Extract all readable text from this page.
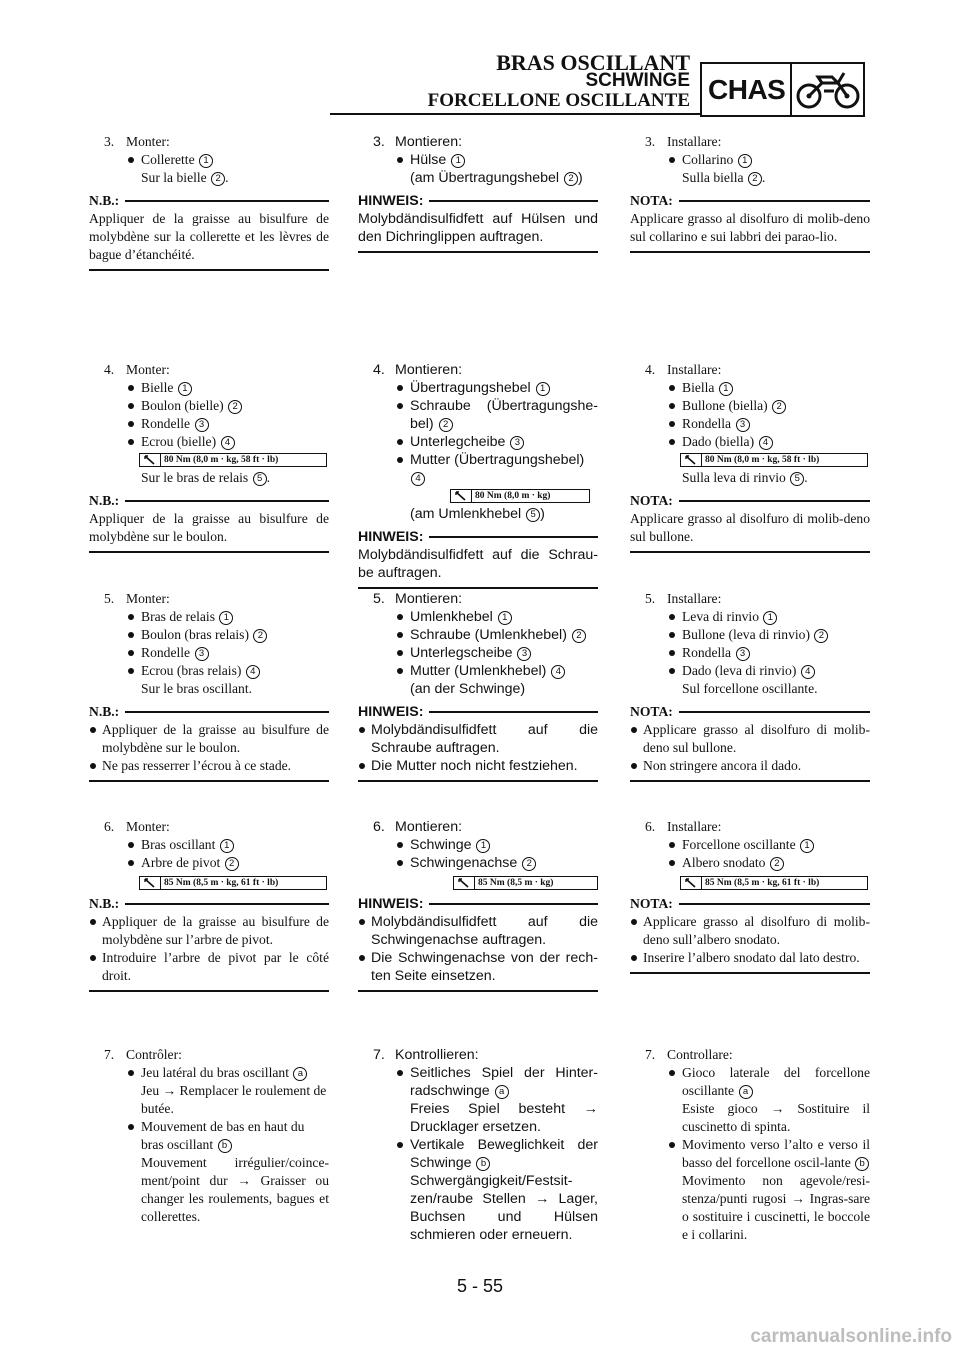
BRAS OSCILLANT
SCHWINGE
FORCELLONE OSCILLANTE CHAS
3. Monter:
Collerette 1
Sur la bielle 2 .
N.B.:
Appliquer de la graisse au bisulfure de molybdène sur la collerette et les lèvres de bague d’étanchéité.
4. Monter:
Bielle 1
Boulon (bielle) 2
Rondelle 3
Ecrou (bielle) 4
80 Nm (8,0 m · kg, 58 ft · lb)
Sur le bras de relais 5 .
N.B.:
Appliquer de la graisse au bisulfure de molybdène sur le boulon.
5. Monter:
Bras de relais 1
Boulon (bras relais) 2
Rondelle 3
Ecrou (bras relais) 4
Sur le bras oscillant.
N.B.:
Appliquer de la graisse au bisulfure de molybdène sur le boulon.
Ne pas resserrer l’écrou à ce stade.
6. Monter:
Bras oscillant 1
Arbre de pivot 2
85 Nm (8,5 m · kg, 61 ft · lb)
N.B.:
Appliquer de la graisse au bisulfure de molybdène sur l’arbre de pivot.
Introduire l’arbre de pivot par le côté droit.
7. Contrôler:
Jeu latéral du bras oscillant a
Jeu → Remplacer le roulement de butée.
Mouvement de bas en haut du bras oscillant b
Mouvement irrégulier/coince-ment/point dur → Graisser ou changer les roulements, bagues et collerettes.
3. Montieren:
Hülse 1
(am Übertragungshebel 2 )
HINWEIS:
Molybdändisulfidfett auf Hülsen und den Dichringlippen auftragen.
4. Montieren:
Übertragungshebel 1
Schraube (Übertragungshe-bel) 2
Unterlegcheibe 3
Mutter (Übertragungshebel)
4
80 Nm (8,0 m · kg)
(am Umlenkhebel 5 )
HINWEIS:
Molybdändisulfidfett auf die Schrau-be auftragen.
5. Montieren:
Umlenkhebel 1
Schraube (Umlenkhebel) 2
Unterlegscheibe 3
Mutter (Umlenkhebel) 4
(an der Schwinge)
HINWEIS:
Molybdändisulfidfett auf die Schraube auftragen.
Die Mutter noch nicht festziehen.
6. Montieren:
Schwinge 1
Schwingenachse 2
85 Nm (8,5 m · kg)
HINWEIS:
Molybdändisulfidfett auf die Schwingenachse auftragen.
Die Schwingenachse von der rech-ten Seite einsetzen.
7. Kontrollieren:
Seitliches Spiel der Hinter-radschwinge a
Freies Spiel besteht → Drucklager ersetzen.
Vertikale Beweglichkeit der Schwinge b
Schwergängigkeit/Festsit-zen/raube Stellen → Lager, Buchsen und Hülsen schmieren oder erneuern.
3. Installare:
Collarino 1
Sulla biella 2 .
NOTA:
Applicare grasso al disolfuro di molib-deno sul collarino e sui labbri dei parao-lio.
4. Installare:
Biella 1
Bullone (biella) 2
Rondella 3
Dado (biella) 4
80 Nm (8,0 m · kg, 58 ft · lb)
Sulla leva di rinvio 5 .
NOTA:
Applicare grasso al disolfuro di molib-deno sul bullone.
5. Installare:
Leva di rinvio 1
Bullone (leva di rinvio) 2
Rondella 3
Dado (leva di rinvio) 4
Sul forcellone oscillante.
NOTA:
Applicare grasso al disolfuro di molib-deno sul bullone.
Non stringere ancora il dado.
6. Installare:
Forcellone oscillante 1
Albero snodato 2
85 Nm (8,5 m · kg, 61 ft · lb)
NOTA:
Applicare grasso al disolfuro di molib-deno sull’albero snodato.
Inserire l’albero snodato dal lato destro.
7. Controllare:
Gioco laterale del forcellone oscillante a
Esiste gioco → Sostituire il cuscinetto di spinta.
Movimento verso l’alto e verso il basso del forcellone oscil-lante b
Movimento non agevole/resi-stenza/punti rugosi → Ingras-sare o sostituire i cuscinetti, le boccole e i collarini.
5 - 55
carmanualsonline.info
